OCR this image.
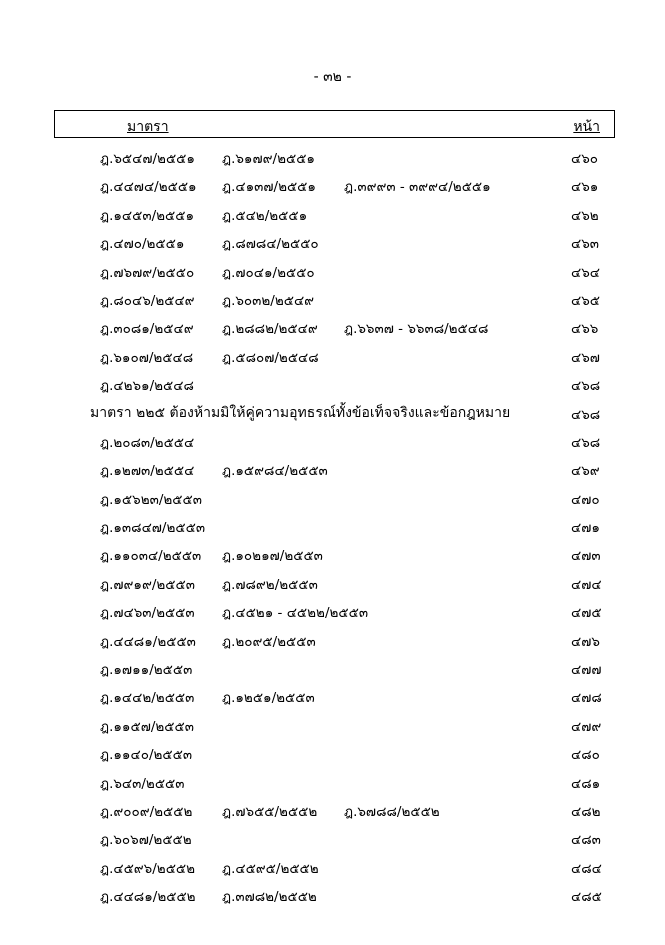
- ๓๒ -
มาตรา	หน้า
ฎ.๖๕๔๗/๒๕๕๑ ฎ.๖๑๗๙/๒๕๕๑	๔๖๐
ฎ.๔๔๗๔/๒๕๕๑ ฎ.๔๑๓๗/๒๕๕๑ ฎ.๓๙๙๓ - ๓๙๙๔/๒๕๕๑	๔๖๑
ฎ.๑๔๕๓/๒๕๕๑ ฎ.๕๔๒/๒๕๕๑	๔๖๒
ฎ.๔๗๐/๒๕๕๑	ฎ.๘๗๘๔/๒๕๕๐	๔๖๓
ฎ.๗๖๗๙/๒๕๕๐ ฎ.๗๐๔๑/๒๕๕๐	๔๖๔
ฎ.๘๐๔๖/๒๕๔๙ ฎ.๖๐๓๒/๒๕๔๙	๔๖๕
ฎ.๓๐๘๑/๒๕๔๙ ฎ.๒๘๘๒/๒๕๔๙ ฎ.๖๖๓๗ - ๖๖๓๘/๒๕๔๘	๔๖๖
ฎ.๖๑๐๗/๒๕๔๘ ฎ.๕๘๐๗/๒๕๔๘	๔๖๗
ฎ.๔๒๖๑/๒๕๔๘	๔๖๘
มาตรา ๒๒๕ ต้องห้ามมิให้คู่ความอุทธรณ์ทั้งข้อเท็จจริงและข้อกฎหมาย	๔๖๘
ฎ.๒๐๘๓/๒๕๕๔	๔๖๘
ฎ.๑๒๗๓/๒๕๕๔ ฎ.๑๕๙๘๔/๒๕๕๓	๔๖๙
ฎ.๑๕๖๒๓/๒๕๕๓	๔๗๐
ฎ.๑๓๘๔๗/๒๕๕๓	๔๗๑
ฎ.๑๑๐๓๔/๒๕๕๓ ฎ.๑๐๒๑๗/๒๕๕๓	๔๗๓
ฎ.๗๙๑๙/๒๕๕๓ ฎ.๗๘๙๒/๒๕๕๓	๔๗๔
ฎ.๗๔๖๓/๒๕๕๓ ฎ.๔๕๒๑ - ๔๕๒๒/๒๕๕๓	๔๗๕
ฎ.๔๔๘๑/๒๕๕๓ ฎ.๒๐๙๕/๒๕๕๓	๔๗๖
ฎ.๑๗๑๑/๒๕๕๓	๔๗๗
ฎ.๑๔๔๒/๒๕๕๓ ฎ.๑๒๕๑/๒๕๕๓	๔๗๘
ฎ.๑๑๕๗/๒๕๕๓	๔๗๙
ฎ.๑๑๔๐/๒๕๕๓	๔๘๐
ฎ.๖๔๓/๒๕๕๓	๔๘๑
ฎ.๙๐๐๙/๒๕๕๒ ฎ.๗๖๕๕/๒๕๕๒ ฎ.๖๗๘๘/๒๕๕๒	๔๘๒
ฎ.๖๐๖๗/๒๕๕๒	๔๘๓
ฎ.๔๕๙๖/๒๕๕๒ ฎ.๔๕๙๕/๒๕๕๒	๔๘๔
ฎ.๔๔๘๑/๒๕๕๒ ฎ.๓๗๘๒/๒๕๕๒	๔๘๕
